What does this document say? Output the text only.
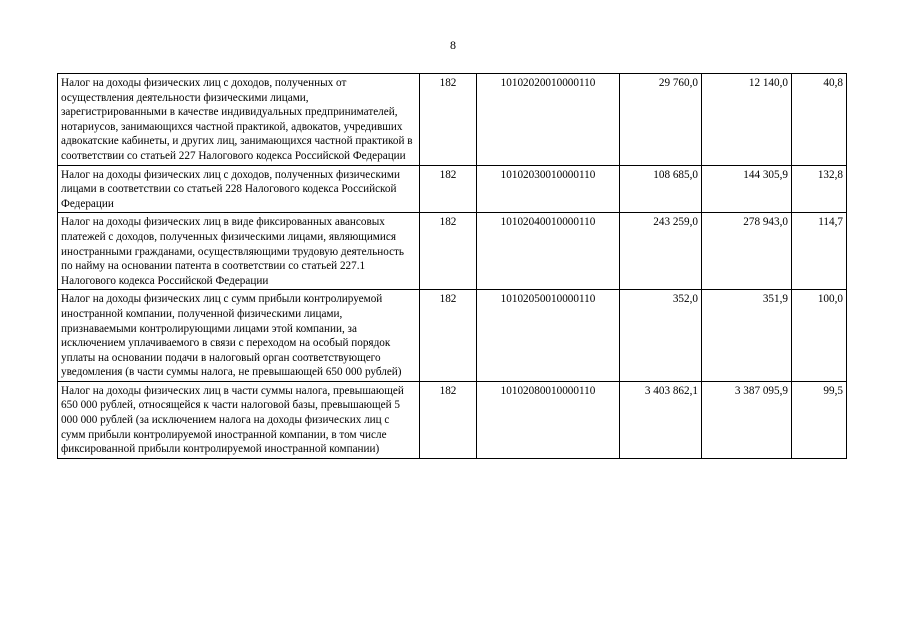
8
Налог на доходы физических лиц с доходов, полученных от осуществления деятельности физическими лицами, зарегистрированными в качестве индивидуальных предпринимателей, нотариусов, занимающихся частной практикой, адвокатов, учредивших адвокатские кабинеты, и других лиц, занимающихся частной практикой в соответствии со статьей 227 Налогового кодекса Российской Федерации	182	10102020010000110	29 760,0	12 140,0	40,8
Налог на доходы физических лиц с доходов, полученных физическими лицами в соответствии со статьей 228 Налогового кодекса Российской Федерации	182	10102030010000110	108 685,0	144 305,9	132,8
Налог на доходы физических лиц в виде фиксированных авансовых платежей с доходов, полученных физическими лицами, являющимися иностранными гражданами, осуществляющими трудовую деятельность по найму на основании патента в соответствии со статьей 227.1 Налогового кодекса Российской Федерации	182	10102040010000110	243 259,0	278 943,0	114,7
Налог на доходы физических лиц с сумм прибыли контролируемой иностранной компании, полученной физическими лицами, признаваемыми контролирующими лицами этой компании, за исключением уплачиваемого в связи с переходом на особый порядок уплаты на основании подачи в налоговый орган соответствующего уведомления (в части суммы налога, не превышающей 650 000 рублей)	182	10102050010000110	352,0	351,9	100,0
Налог на доходы физических лиц в части суммы налога, превышающей 650 000 рублей, относящейся к части налоговой базы, превышающей 5 000 000 рублей (за исключением налога на доходы физических лиц с сумм прибыли контролируемой иностранной компании, в том числе фиксированной прибыли контролируемой иностранной компании)	182	10102080010000110	3 403 862,1	3 387 095,9	99,5
